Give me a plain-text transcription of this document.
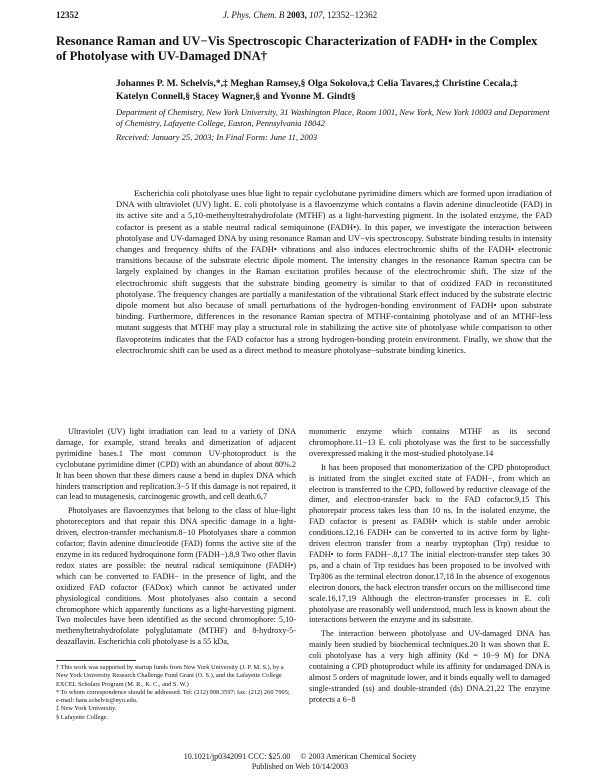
12352	J. Phys. Chem. B 2003, 107, 12352−12362
Resonance Raman and UV−Vis Spectroscopic Characterization of FADH• in the Complex of Photolyase with UV-Damaged DNA†
Johannes P. M. Schelvis,*,‡ Meghan Ramsey,§ Olga Sokolova,‡ Celia Tavares,‡ Christine Cecala,‡ Katelyn Connell,§ Stacey Wagner,§ and Yvonne M. Gindt§
Department of Chemistry, New York University, 31 Washington Place, Room 1001, New York, New York 10003 and Department of Chemistry, Lafayette College, Easton, Pennsylvania 18042
Received: January 25, 2003; In Final Form: June 11, 2003

Escherichia coli photolyase uses blue light to repair cyclobutane pyrimidine dimers which are formed upon irradiation of DNA with ultraviolet (UV) light. E. coli photolyase is a flavoenzyme which contains a flavin adenine dinucleotide (FAD) in its active site and a 5,10-methenyltetrahydrofolate (MTHF) as a light-harvesting pigment. In the isolated enzyme, the FAD cofactor is present as a stable neutral radical semiquinone (FADH•). In this paper, we investigate the interaction between photolyase and UV-damaged DNA by using resonance Raman and UV−vis spectroscopy. Substrate binding results in intensity changes and frequency shifts of the FADH• vibrations and also induces electrochromic shifts of the FADH• electronic transitions because of the substrate electric dipole moment. The intensity changes in the resonance Raman spectra can be largely explained by changes in the Raman excitation profiles because of the electrochromic shift. The size of the electrochromic shift suggests that the substrate binding geometry is similar to that of oxidized FAD in reconstituted photolyase. The frequency changes are partially a manifestation of the vibrational Stark effect induced by the substrate electric dipole moment but also because of small perturbations of the hydrogen-bonding environment of FADH• upon substrate binding. Furthermore, differences in the resonance Raman spectra of MTHF-containing photolyase and of an MTHF-less mutant suggests that MTHF may play a structural role in stabilizing the active site of photolyase while comparison to other flavoproteins indicates that the FAD cofactor has a strong hydrogen-bonding protein environment. Finally, we show that the electrochromic shift can be used as a direct method to measure photolyase−substrate binding kinetics.

Ultraviolet (UV) light irradiation can lead to a variety of DNA damage, for example, strand breaks and dimerization of adjacent pyrimidine bases.1 The most common UV-photoproduct is the cyclobutane pyrimidine dimer (CPD) with an abundance of about 80%.2 It has been shown that these dimers cause a bend in duplex DNA which hinders transcription and replication.3−5 If this damage is not repaired, it can lead to mutagenesis, carcinogenic growth, and cell death.6,7

Photolyases are flavoenzymes that belong to the class of blue-light photoreceptors and that repair this DNA specific damage in a light-driven, electron-transfer mechanism.8−10 Photolyases share a common cofactor; flavin adenine dinucleotide (FAD) forms the active site of the enzyme in its reduced hydroquinone form (FADH−).8,9 Two other flavin redox states are possible: the neutral radical semiquinone (FADH•) which can be converted to FADH− in the presence of light, and the oxidized FAD cofactor (FADox) which cannot be activated under physiological conditions. Most photolyases also contain a second chromophore which apparently functions as a light-harvesting pigment. Two molecules have been identified as the second chromophore: 5,10-methenyltetrahydrofolate polyglutamate (MTHF) and 8-hydroxy-5-deazaflavin. Escherichia coli photolyase is a 55 kDa,

monomeric enzyme which contains MTHF as its second chromophore.11−13 E. coli photolyase was the first to be successfully overexpressed making it the most-studied photolyase.14

It has been proposed that monomerization of the CPD photoproduct is initiated from the singlet excited state of FADH−, from which an electron is transferred to the CPD, followed by reductive cleavage of the dimer, and electron-transfer back to the FAD cofactor.9,15 This photorepair process takes less than 10 ns. In the isolated enzyme, the FAD cofactor is present as FADH• which is stable under aerobic conditions.12,16 FADH• can be converted to its active form by light-driven electron transfer from a nearby tryptophan (Trp) residue to FADH• to form FADH−.8,17 The initial electron-transfer step takes 30 ps, and a chain of Trp residues has been proposed to be involved with Trp306 as the terminal electron donor.17,18 In the absence of exogenous electron donors, the back electron transfer occurs on the millisecond time scale.16,17,19 Although the electron-transfer processes in E. coli photolyase are reasonably well understood, much less is known about the interactions between the enzyme and its substrate.

The interaction between photolyase and UV-damaged DNA has mainly been studied by biochemical techniques.20 It was shown that E. coli photolyase has a very high affinity (Kd = 10−9 M) for DNA containing a CPD photoproduct while its affinity for undamaged DNA is almost 5 orders of magnitude lower, and it binds equally well to damaged single-stranded (ss) and double-stranded (ds) DNA.21,22 The enzyme protects a 6−8

† This work was supported by startup funds from New York University (J. P. M. S.), by a New York University Research Challenge Fund Grant (O. S.), and the Lafayette College EXCEL Scholars Program (M. R., K. C., and S. W.)
* To whom correspondence should be addressed. Tel: (212) 998.3597; fax: (212) 260 7905; e-mail: hans.schelvis@nyu.edu.
‡ New York University.
§ Lafayette College.
10.1021/jp0342091 CCC: $25.00     © 2003 American Chemical Society
Published on Web 10/14/2003
